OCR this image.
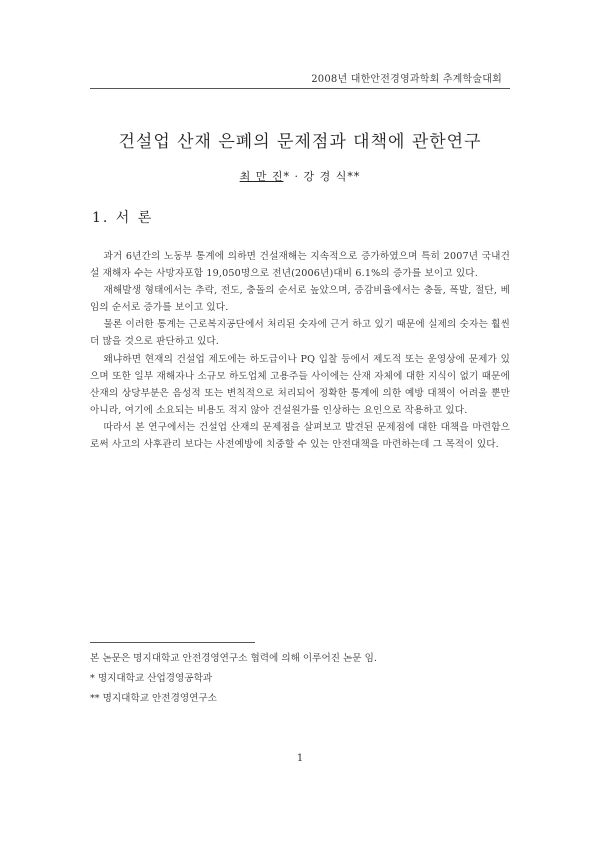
2008년 대한안전경영과학회 추계학술대회
건설업 산재 은폐의 문제점과 대책에 관한연구
최 만 진* · 강 경 식**
1. 서 론

과거 6년간의 노동부 통계에 의하면 건설재해는 지속적으로 증가하였으며 특히 2007년 국내건설 재해자 수는 사망자포함 19,050명으로 전년(2006년)대비 6.1%의 증가를 보이고 있다.

재해발생 형태에서는 추락, 전도, 충돌의 순서로 높았으며, 증감비율에서는 충돌, 폭발, 절단, 베임의 순서로 증가를 보이고 있다.

물론 이러한 통계는 근로복지공단에서 처리된 숫자에 근거 하고 있기 때문에 실제의 숫자는 훨씬 더 많을 것으로 판단하고 있다.

왜냐하면 현재의 건설업 제도에는 하도급이나 PQ 입찰 등에서 제도적 또는 운영상에 문제가 있으며 또한 일부 재해자나 소규모 하도업체 고용주들 사이에는 산재 자체에 대한 지식이 없기 때문에 산재의 상당부분은 음성적 또는 변칙적으로 처리되어 정확한 통계에 의한 예방 대책이 어려울 뿐만 아니라, 여기에 소요되는 비용도 적지 않아 건설원가를 인상하는 요인으로 작용하고 있다.

따라서 본 연구에서는 건설업 산재의 문제점을 살펴보고 발견된 문제점에 대한 대책을 마련함으로써 사고의 사후관리 보다는 사전예방에 치중할 수 있는 안전대책을 마련하는데 그 목적이 있다.

본 논문은 명지대학교 안전경영연구소 협력에 의해 이루어진 논문 임.
* 명지대학교 산업경영공학과
** 명지대학교 안전경영연구소
1
